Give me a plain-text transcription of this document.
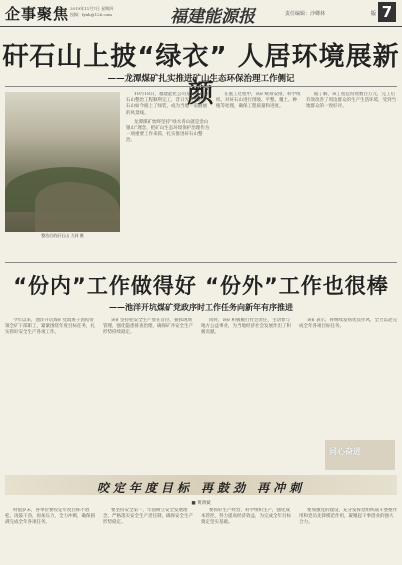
企事聚焦 2019年11月7日 星期四
投稿：fyxh@126.com	福建能源报	责任编辑：沙卿林	版 7
矸石山上披“绿衣” 人居环境展新颜
——龙潭煤矿扎实推进矿山生态环保治理工作侧记
整治后的矸石山 大同 摄

10月18日，福建能化公司龙潭煤矿矸石山整治工程顺利完工，昔日光秃秃的矸石山如今披上了绿装，成为当地一道靓丽的风景线。

龙潭煤矿始终坚持“绿水青山就是金山银山”理念，把矿山生态环境保护治理作为一项重要工作来抓，扎实推进矸石山整治。

在施工过程中，该矿统筹安排，科学组织，对矸石山进行削坡、平整、覆土、种植等处理，确保工程质量和进度。

据了解，该工程总投资数百万元，完工后有效改善了周边群众的生产生活环境，受到当地群众的一致好评。

“份内”工作做得好 “份外”工作也很棒
——池洋开坑煤矿党政序时工作任务向新年有序推进

今年以来，池洋开坑煤矿党政班子团结带领全矿干部职工，紧紧围绕年度目标任务，扎实抓好安全生产各项工作。

该矿坚持把安全生产放在首位，狠抓现场管理，强化隐患排查治理，确保矿井安全生产形势持续稳定。

同时，该矿积极履行社会责任，主动参与地方公益事业，为当地经济社会发展作出了积极贡献。

该矿表示，将继续发扬优良作风，全力以赴完成全年各项目标任务。

同心奋进
咬定年度目标 再鼓劲 再冲刺
■ 黄鸿斌

时值岁末，各单位要咬定年度目标不放松，再鼓干劲，再加压力，全力冲刺，确保圆满完成全年各项任务。

要坚持安全第一，牢固树立安全发展理念，严格落实安全生产责任制，确保安全生产形势稳定。

要抓好生产经营，科学组织生产，强化成本管控，努力提高经济效益，为完成全年目标奠定坚实基础。

要加强党的建设，充分发挥党组织战斗堡垒作用和党员先锋模范作用，凝聚起干事创业的强大合力。
